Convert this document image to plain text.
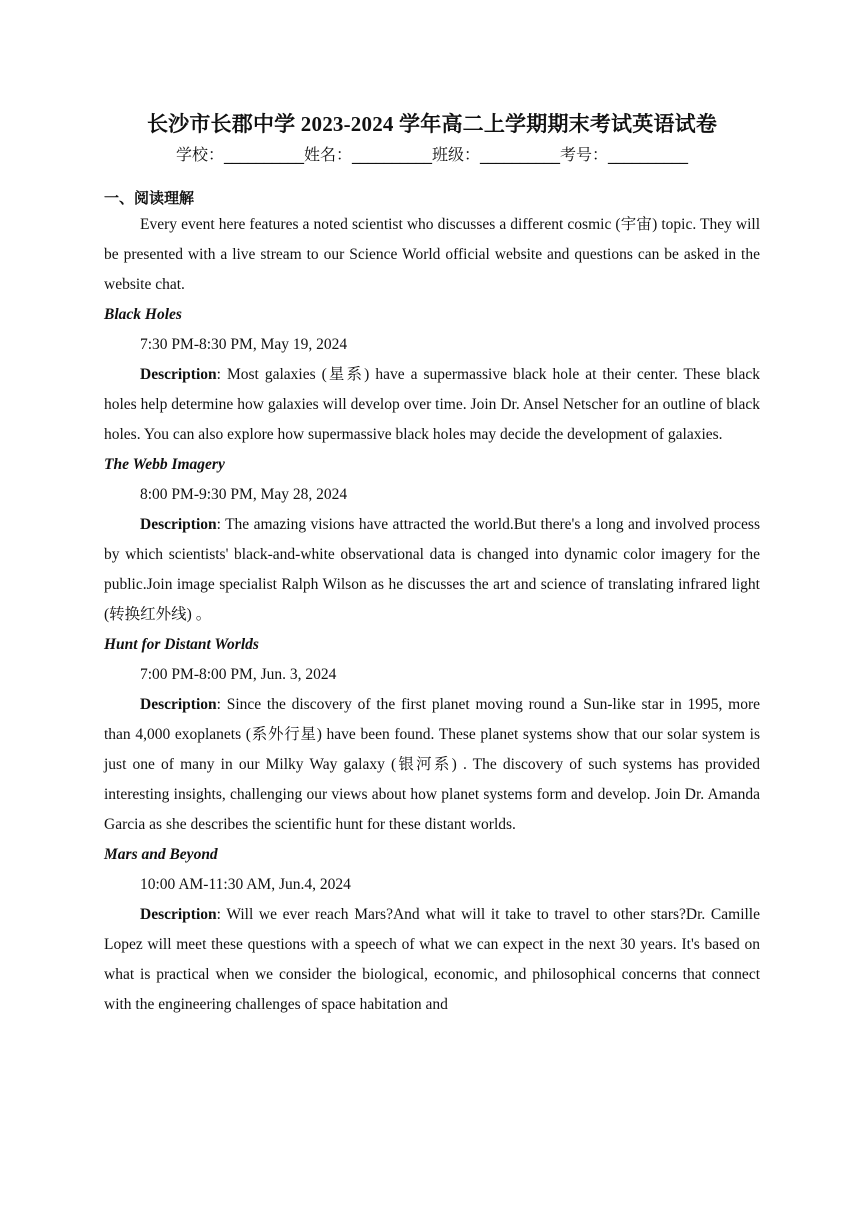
长沙市长郡中学 2023-2024 学年高二上学期期末考试英语试卷
学校：__________姓名：__________班级：__________考号：__________
一、阅读理解

Every event here features a noted scientist who discusses a different cosmic (宇宙) topic. They will be presented with a live stream to our Science World official website and questions can be asked in the website chat.

Black Holes
7:30 PM-8:30 PM, May 19, 2024

Description: Most galaxies (星系) have a supermassive black hole at their center. These black holes help determine how galaxies will develop over time. Join Dr. Ansel Netscher for an outline of black holes. You can also explore how supermassive black holes may decide the development of galaxies.

The Webb Imagery
8:00 PM-9:30 PM, May 28, 2024

Description: The amazing visions have attracted the world.But there's a long and involved process by which scientists' black-and-white observational data is changed into dynamic color imagery for the public.Join image specialist Ralph Wilson as he discusses the art and science of translating infrared light (转换红外线) 。

Hunt for Distant Worlds
7:00 PM-8:00 PM, Jun. 3, 2024

Description: Since the discovery of the first planet moving round a Sun-like star in 1995, more than 4,000 exoplanets (系外行星) have been found. These planet systems show that our solar system is just one of many in our Milky Way galaxy (银河系) . The discovery of such systems has provided interesting insights, challenging our views about how planet systems form and develop. Join Dr. Amanda Garcia as she describes the scientific hunt for these distant worlds.

Mars and Beyond
10:00 AM-11:30 AM, Jun.4, 2024

Description: Will we ever reach Mars?And what will it take to travel to other stars?Dr. Camille Lopez will meet these questions with a speech of what we can expect in the next 30 years. It's based on what is practical when we consider the biological, economic, and philosophical concerns that connect with the engineering challenges of space habitation and
